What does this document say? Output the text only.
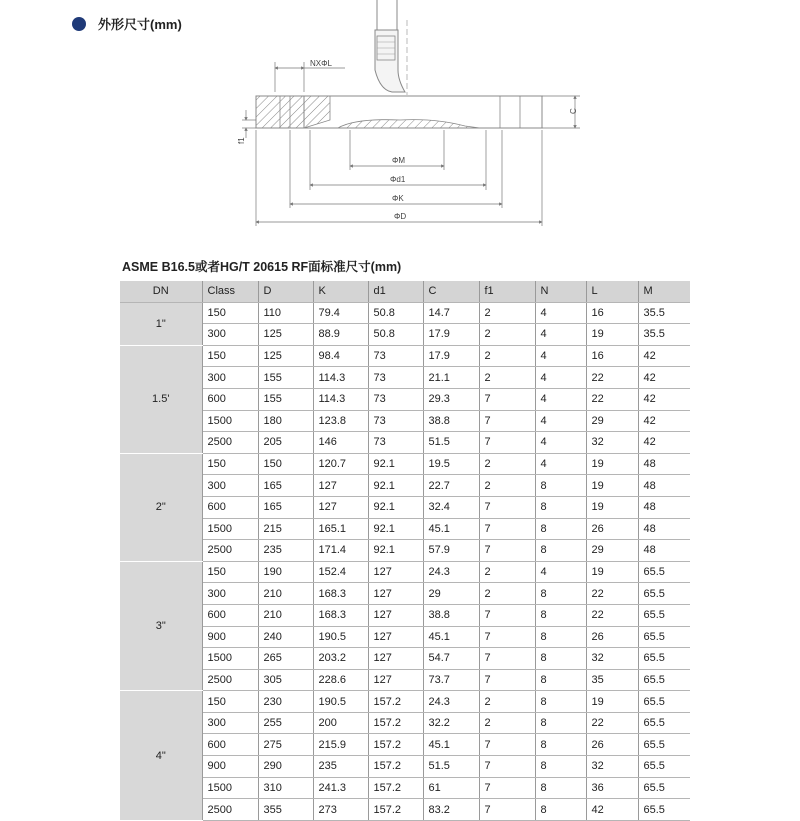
外形尺寸(mm)
NXΦL
C
f1
ΦM
Φd1
ΦK
ΦD
ASME B16.5或者HG/T 20615 RF面标准尺寸(mm)
DN	Class	D	K	d1	C	f1	N	L	M
1"	150	110	79.4	50.8	14.7	2	4	16	35.5
	300	125	88.9	50.8	17.9	2	4	19	35.5
1.5'	150	125	98.4	73	17.9	2	4	16	42
	300	155	114.3	73	21.1	2	4	22	42
	600	155	114.3	73	29.3	7	4	22	42
	1500	180	123.8	73	38.8	7	4	29	42
	2500	205	146	73	51.5	7	4	32	42
2"	150	150	120.7	92.1	19.5	2	4	19	48
	300	165	127	92.1	22.7	2	8	19	48
	600	165	127	92.1	32.4	7	8	19	48
	1500	215	165.1	92.1	45.1	7	8	26	48
	2500	235	171.4	92.1	57.9	7	8	29	48
3"	150	190	152.4	127	24.3	2	4	19	65.5
	300	210	168.3	127	29	2	8	22	65.5
	600	210	168.3	127	38.8	7	8	22	65.5
	900	240	190.5	127	45.1	7	8	26	65.5
	1500	265	203.2	127	54.7	7	8	32	65.5
	2500	305	228.6	127	73.7	7	8	35	65.5
4"	150	230	190.5	157.2	24.3	2	8	19	65.5
	300	255	200	157.2	32.2	2	8	22	65.5
	600	275	215.9	157.2	45.1	7	8	26	65.5
	900	290	235	157.2	51.5	7	8	32	65.5
	1500	310	241.3	157.2	61	7	8	36	65.5
	2500	355	273	157.2	83.2	7	8	42	65.5
